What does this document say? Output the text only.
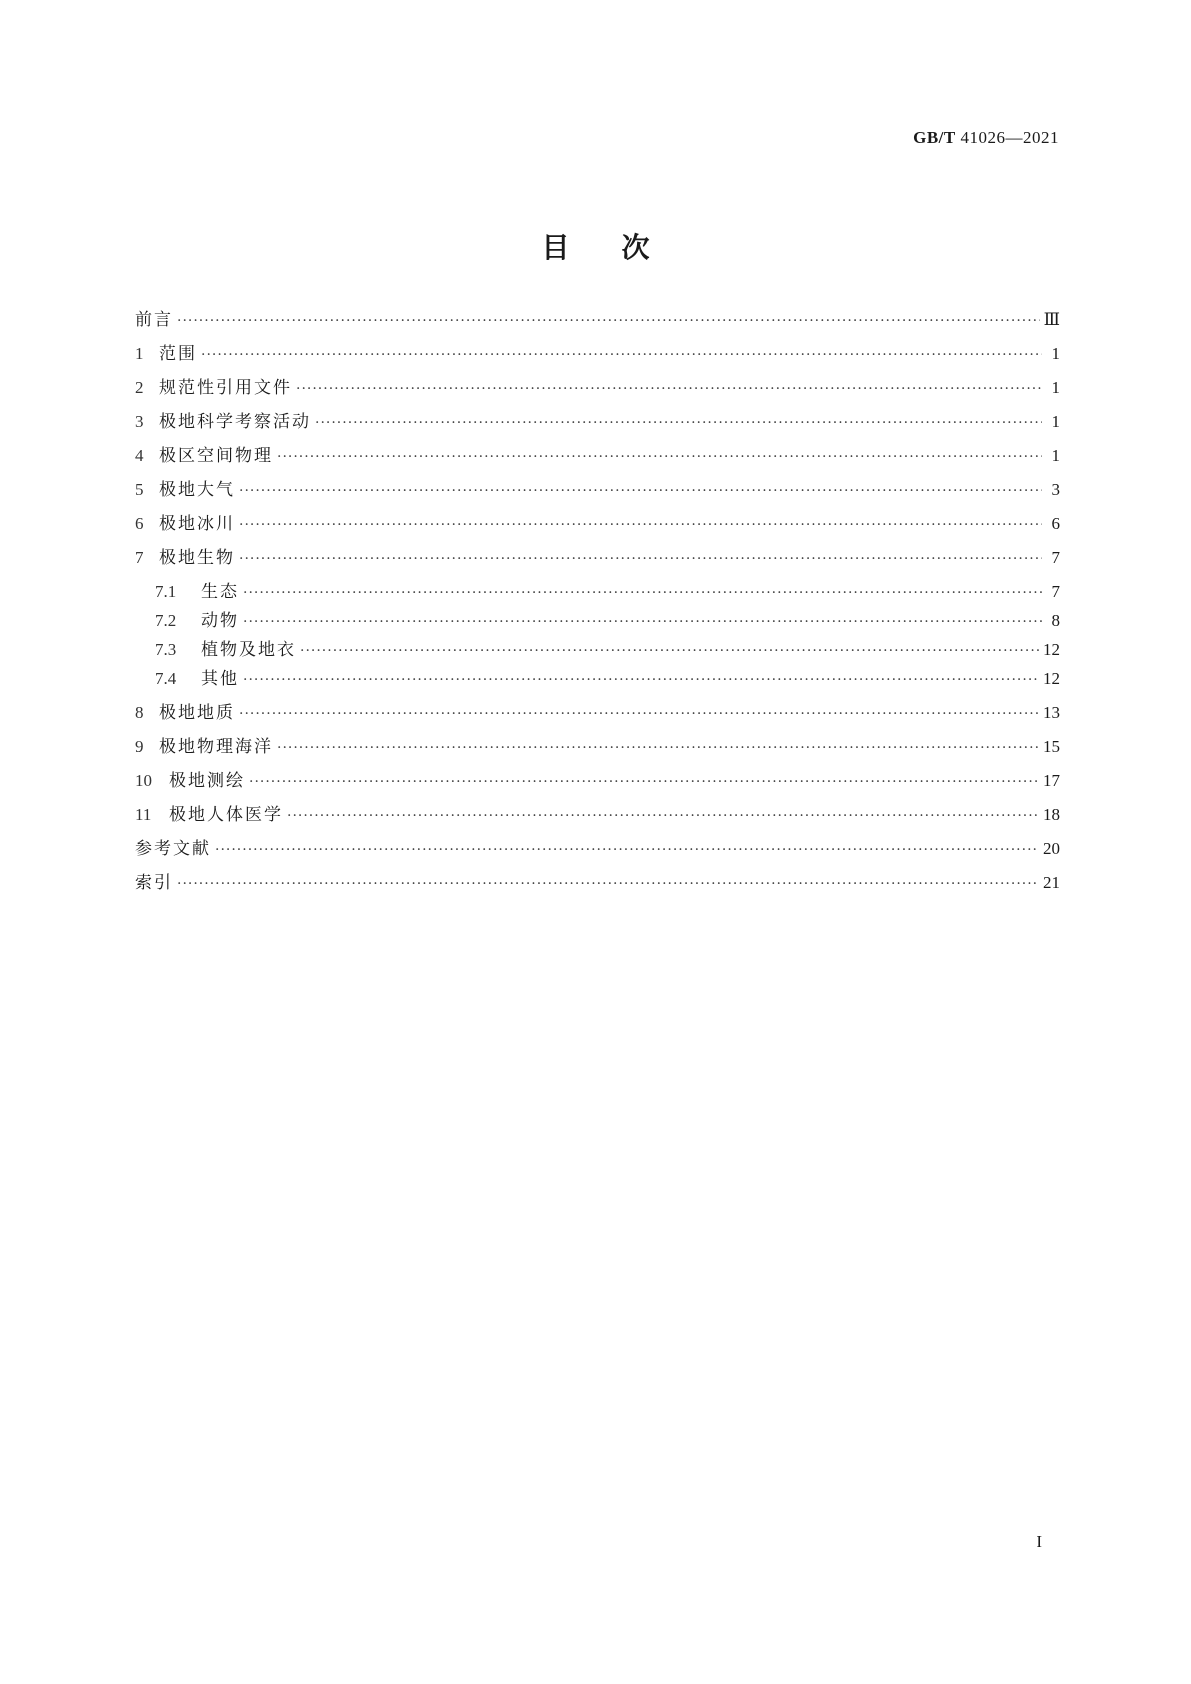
GB/T 41026—2021
目次
前言 ·····	Ⅲ
1 范围 ·····	1
2 规范性引用文件 ·····	1
3 极地科学考察活动 ·····	1
4 极区空间物理 ·····	1
5 极地大气 ·····	3
6 极地冰川 ·····	6
7 极地生物 ·····	7
7.1	生态 ·····	7
7.2	动物 ·····	8
7.3	植物及地衣 ·····	12
7.4	其他 ·····	12
8 极地地质 ·····	13
9 极地物理海洋 ·····	15
10	极地测绘 ·····	17
11	极地人体医学 ·····	18
参考文献 ·····	20
索引 ·····	21
I
